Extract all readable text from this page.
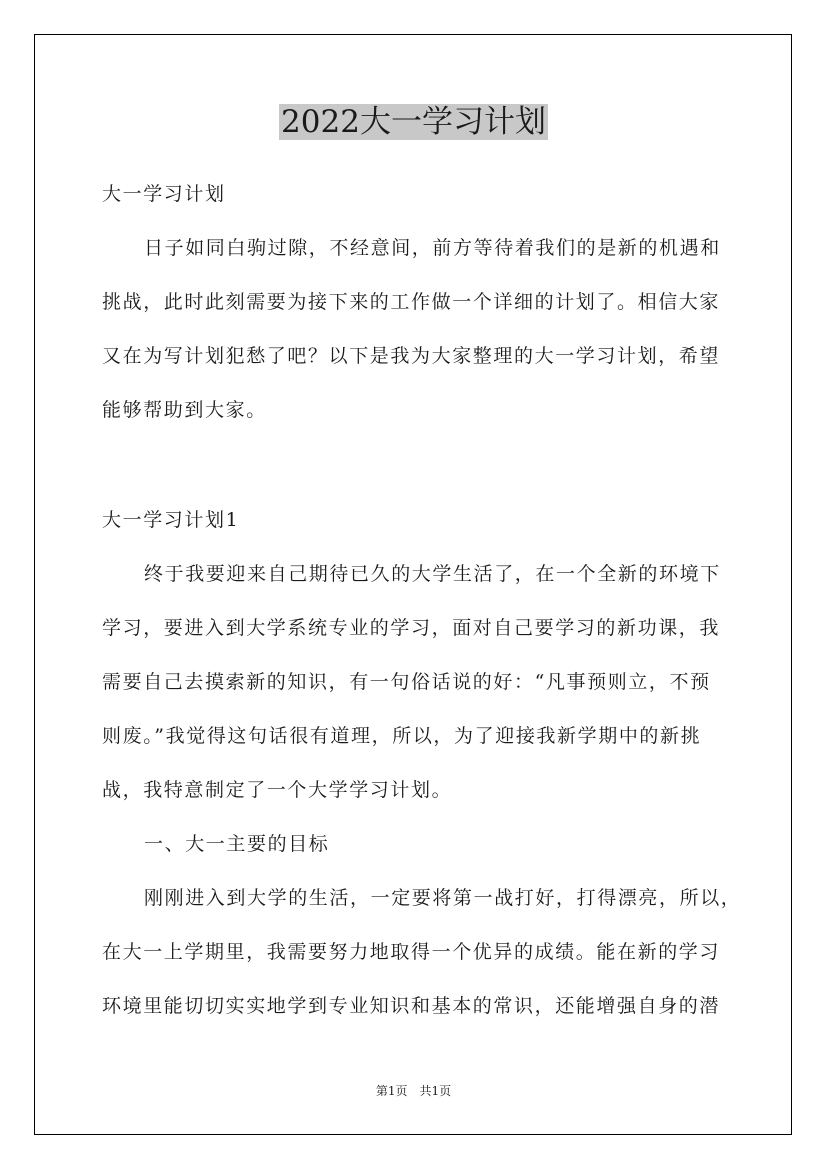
2022大一学习计划
大一学习计划
日子如同白驹过隙，不经意间，前方等待着我们的是新的机遇和
挑战，此时此刻需要为接下来的工作做一个详细的计划了。相信大家
又在为写计划犯愁了吧？以下是我为大家整理的大一学习计划，希望
能够帮助到大家。
大一学习计划1
终于我要迎来自己期待已久的大学生活了，在一个全新的环境下
学习，要进入到大学系统专业的学习，面对自己要学习的新功课，我
需要自己去摸索新的知识，有一句俗话说的好：“凡事预则立，不预
则废。”我觉得这句话很有道理，所以，为了迎接我新学期中的新挑
战，我特意制定了一个大学学习计划。
一、大一主要的目标
刚刚进入到大学的生活，一定要将第一战打好，打得漂亮，所以，
在大一上学期里，我需要努力地取得一个优异的成绩。能在新的学习
环境里能切切实实地学到专业知识和基本的常识，还能增强自身的潜
第1页　共1页
